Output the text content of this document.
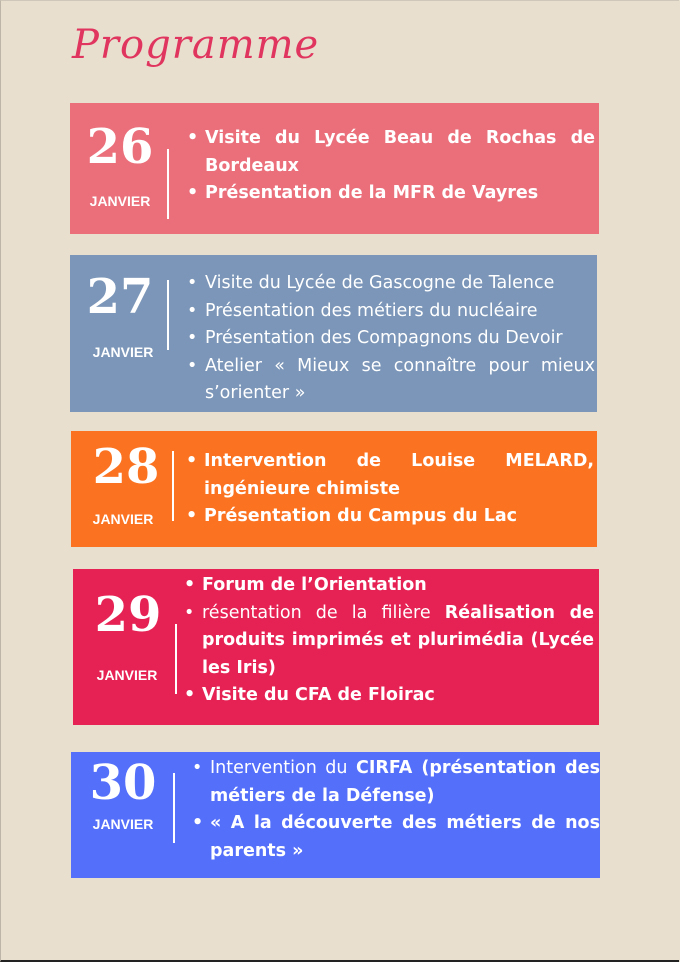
Programme
26
JANVIER
• Visite du Lycée Beau de Rochas de Bordeaux
• Présentation de la MFR de Vayres
27
JANVIER
• Visite du Lycée de Gascogne de Talence
• Présentation des métiers du nucléaire
• Présentation des Compagnons du Devoir
• Atelier « Mieux se connaître pour mieux s’orienter »
28
JANVIER
• Intervention de Louise MELARD, ingénieure chimiste
• Présentation du Campus du Lac
29
JANVIER
• Forum de l’Orientation
• résentation de la filière Réalisation de produits imprimés et plurimédia (Lycée les Iris)
• Visite du CFA de Floirac
30
JANVIER
• Intervention du CIRFA (présentation des métiers de la Défense)
• « A la découverte des métiers de nos parents »
